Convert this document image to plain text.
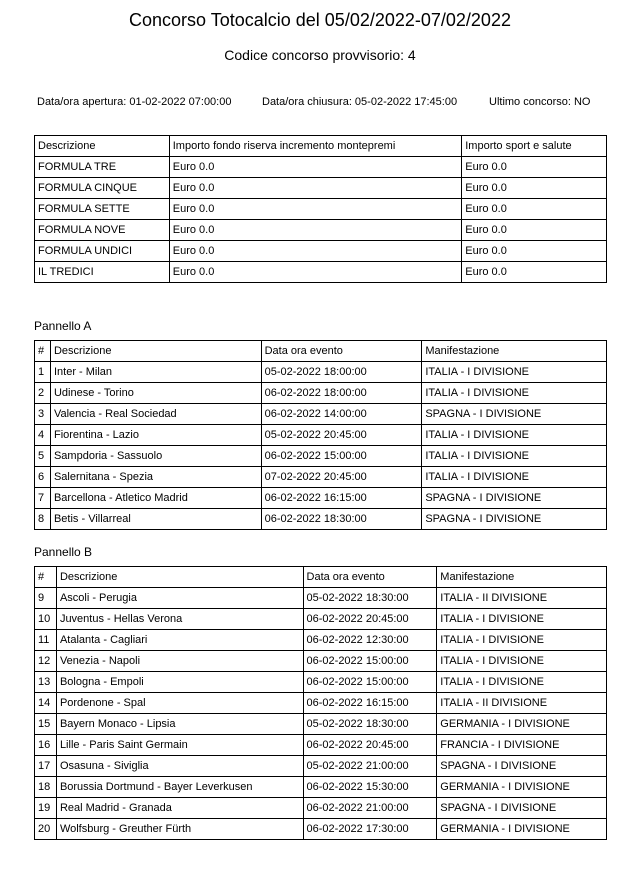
Concorso Totocalcio del 05/02/2022-07/02/2022
Codice concorso provvisorio: 4
Data/ora apertura: 01-02-2022 07:00:00	Data/ora chiusura: 05-02-2022 17:45:00	Ultimo concorso: NO
Descrizione	Importo fondo riserva incremento montepremi	Importo sport e salute
FORMULA TRE	Euro 0.0	Euro 0.0
FORMULA CINQUE	Euro 0.0	Euro 0.0
FORMULA SETTE	Euro 0.0	Euro 0.0
FORMULA NOVE	Euro 0.0	Euro 0.0
FORMULA UNDICI	Euro 0.0	Euro 0.0
IL TREDICI	Euro 0.0	Euro 0.0
Pannello A
#	Descrizione	Data ora evento	Manifestazione
1	Inter - Milan	05-02-2022 18:00:00	ITALIA - I DIVISIONE
2	Udinese - Torino	06-02-2022 18:00:00	ITALIA - I DIVISIONE
3	Valencia - Real Sociedad	06-02-2022 14:00:00	SPAGNA - I DIVISIONE
4	Fiorentina - Lazio	05-02-2022 20:45:00	ITALIA - I DIVISIONE
5	Sampdoria - Sassuolo	06-02-2022 15:00:00	ITALIA - I DIVISIONE
6	Salernitana - Spezia	07-02-2022 20:45:00	ITALIA - I DIVISIONE
7	Barcellona - Atletico Madrid	06-02-2022 16:15:00	SPAGNA - I DIVISIONE
8	Betis - Villarreal	06-02-2022 18:30:00	SPAGNA - I DIVISIONE
Pannello B
#	Descrizione	Data ora evento	Manifestazione
9	Ascoli - Perugia	05-02-2022 18:30:00	ITALIA - II DIVISIONE
10	Juventus - Hellas Verona	06-02-2022 20:45:00	ITALIA - I DIVISIONE
11	Atalanta - Cagliari	06-02-2022 12:30:00	ITALIA - I DIVISIONE
12	Venezia - Napoli	06-02-2022 15:00:00	ITALIA - I DIVISIONE
13	Bologna - Empoli	06-02-2022 15:00:00	ITALIA - I DIVISIONE
14	Pordenone - Spal	06-02-2022 16:15:00	ITALIA - II DIVISIONE
15	Bayern Monaco - Lipsia	05-02-2022 18:30:00	GERMANIA - I DIVISIONE
16	Lille - Paris Saint Germain	06-02-2022 20:45:00	FRANCIA - I DIVISIONE
17	Osasuna - Siviglia	05-02-2022 21:00:00	SPAGNA - I DIVISIONE
18	Borussia Dortmund - Bayer Leverkusen	06-02-2022 15:30:00	GERMANIA - I DIVISIONE
19	Real Madrid - Granada	06-02-2022 21:00:00	SPAGNA - I DIVISIONE
20	Wolfsburg - Greuther Fürth	06-02-2022 17:30:00	GERMANIA - I DIVISIONE
